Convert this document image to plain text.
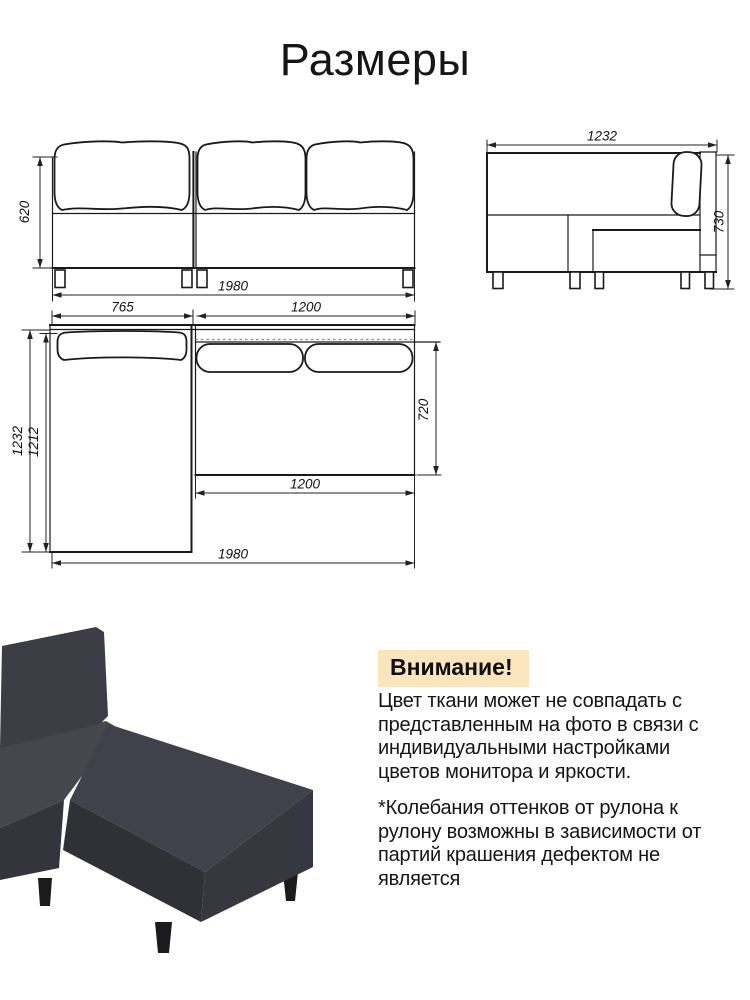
Размеры
620
1980
1232
730
765	1200
720
1200
1232 1212
1980
Внимание!

Цвет ткани может не совпадать с представленным на фото в связи с индивидуальными настройками цветов монитора и яркости.

*Колебания оттенков от рулона к рулону возможны в зависимости от партий крашения дефектом не является
